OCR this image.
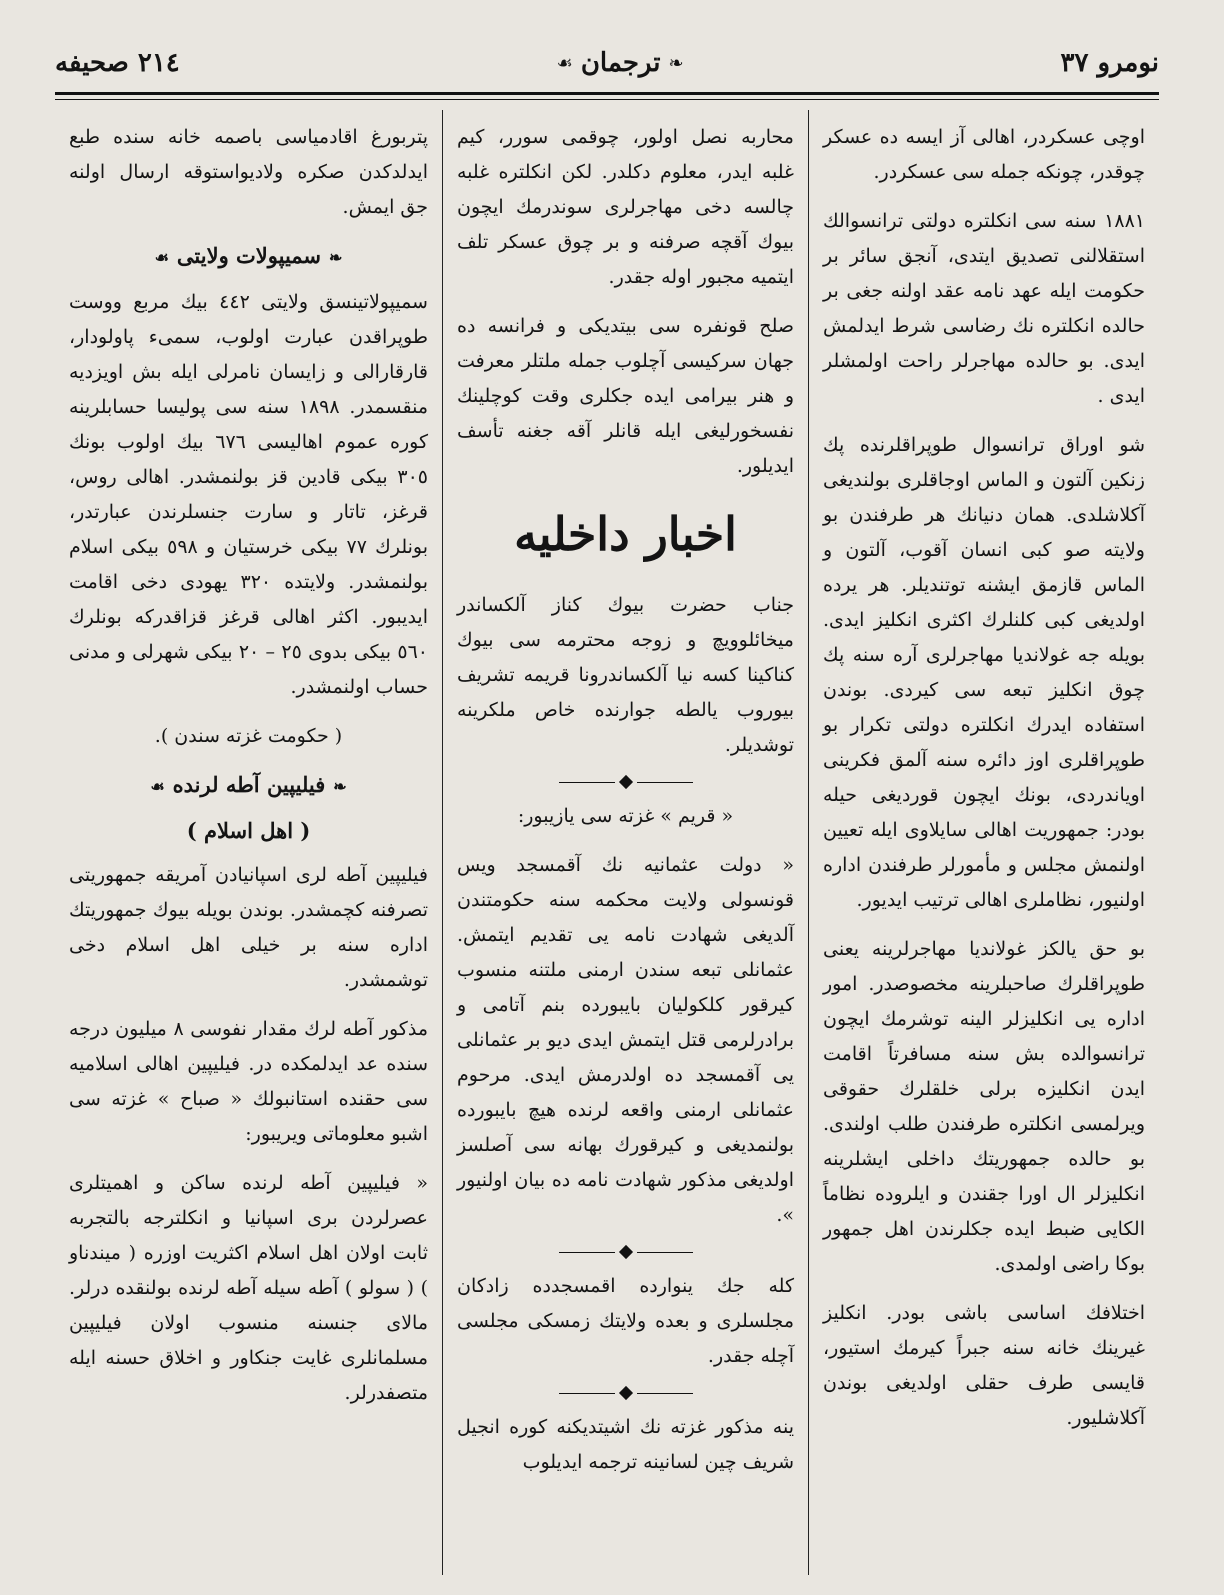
نومرو ٣٧
❧
ترجمان
☙
٢١٤ صحيفه

اوچی عسکردر، اهالی آز ایسه ده عسکر چوقدر، چونکه جمله سی عسکردر.

١٨٨١ سنه سی انکلتره دولتی ترانسوالك استقلالنی تصدیق ایتدی، آنجق سائر بر حکومت ایله عهد نامه عقد اولنه جغی بر حالده انکلتره نك رضاسی شرط ایدلمش ایدی. بو حالده مهاجرلر راحت اولمشلر ایدی .

شو اوراق ترانسوال طوپراقلرنده پك زنکین آلتون و الماس اوجاقلری بولندیغی آکلاشلدی. همان دنیانك هر طرفندن بو ولایته صو کبی انسان آقوب، آلتون و الماس قازمق ایشنه توتندیلر. هر یرده اولدیغی کبی کلنلرك اکثری انکلیز ایدی. بویله جه غولاندیا مهاجرلری آره سنه پك چوق انکلیز تبعه سی کیردی. بوندن استفاده ایدرك انکلتره دولتی تکرار بو طوپراقلری اوز دائره سنه آلمق فکرینی اویاندردی، بونك ایچون قوردیغی حیله بودر: جمهوریت اهالی سایلاوی ایله تعیین اولنمش مجلس و مأمورلر طرفندن اداره اولنیور، نظاملری اهالی ترتیب ایدیور.

بو حق یالکز غولاندیا مهاجرلرینه یعنی طوپراقلرك صاحبلرینه مخصوصدر. امور اداره یی انکلیزلر الینه توشرمك ایچون ترانسوالده بش سنه مسافرتاً اقامت ایدن انکلیزه برلی خلقلرك حقوقی ویرلمسی انکلتره طرفندن طلب اولندی. بو حالده جمهوریتك داخلی ایشلرینه انکلیزلر ال اورا جقندن و ایلروده نظاماً الکایی ضبط ایده جکلرندن اهل جمهور بوکا راضی اولمدی.

اختلافك اساسی باشی بودر. انکلیز غیرینك خانه سنه جبراً کیرمك استیور، قایسی طرف حقلی اولدیغی بوندن آکلاشلیور.

محاربه نصل اولور، چوقمی سورر، کیم غلبه ایدر، معلوم دکلدر. لکن انکلتره غلبه چالسه دخی مهاجرلری سوندرمك ایچون بیوك آقچه صرفنه و بر چوق عسکر تلف ایتمیه مجبور اوله جقدر.

صلح قونفره سی بیتدیکی و فرانسه ده جهان سرکیسی آچلوب جمله ملتلر معرفت و هنر بیرامی ایده جکلری وقت کوچلینك نفسخورلیغی ایله قانلر آقه جغنه تأسف ایدیلور.

اخبار داخلیه

جناب حضرت بیوك کناز آلکساندر میخائلوویچ و زوجه محترمه سی بیوك کناکینا کسه نیا آلکساندرونا قریمه تشریف بیوروب یالطه جوارنده خاص ملکرینه توشدیلر.

« قریم » غزته سی یازیبور:

« دولت عثمانیه نك آقمسجد ویس قونسولی ولایت محکمه سنه حکومتندن آلدیغی شهادت نامه یی تقدیم ایتمش. عثمانلی تبعه سندن ارمنی ملتنه منسوب کیرقور کلکولیان بایبورده بنم آتامی و برادرلرمی قتل ایتمش ایدی دیو بر عثمانلی یی آقمسجد ده اولدرمش ایدی. مرحوم عثمانلی ارمنی واقعه لرنده هیچ بایبورده بولنمدیغی و کیرقورك بهانه سی آصلسز اولدیغی مذکور شهادت نامه ده بیان اولنیور ».

کله جك ینوارده اقمسجدده زادکان مجلسلری و بعده ولایتك زمسکی مجلسی آچله جقدر.

ینه مذکور غزته نك اشیتدیکنه کوره انجیل شریف چین لسانینه ترجمه ایدیلوب

پتربورغ اقادمیاسی باصمه خانه سنده طبع ایدلدکدن صکره ولادیواستوقه ارسال اولنه جق ایمش.

❧سمیپولات ولایتی☙

سمیپولاتینسق ولایتی ٤٤٢ بیك مربع ووست طوپراقدن عبارت اولوب، سمیء پاولودار، قارقارالی و زایسان نامرلی ایله بش اویزدیه منقسمدر. ١٨٩٨ سنه سی پولیسا حسابلرینه کوره عموم اهالیسی ٦٧٦ بیك اولوب بونك ٣٠٥ بیکی قادین قز بولنمشدر. اهالی روس، قرغز، تاتار و سارت جنسلرندن عبارتدر، بونلرك ٧٧ بیکی خرستیان و ٥٩٨ بیکی اسلام بولنمشدر. ولایتده ٣٢٠ یهودی دخی اقامت ایدیبور. اکثر اهالی قرغز قزاقدرکه بونلرك ٥٦٠ بیکی بدوی ٢٥ – ٢٠ بیکی شهرلی و مدنی حساب اولنمشدر.

( حکومت غزته سندن ).

❧فیلیپین آطه لرنده☙
( اهل اسلام )

فیلیپین آطه لری اسپانیادن آمریقه جمهوریتی تصرفنه کچمشدر. بوندن بویله بیوك جمهوریتك اداره سنه بر خیلی اهل اسلام دخی توشمشدر.

مذکور آطه لرك مقدار نفوسی ٨ میلیون درجه سنده عد ایدلمکده در. فیلیپین اهالی اسلامیه سی حقنده استانبولك « صباح » غزته سی اشبو معلوماتی ویریبور:

« فیلیپین آطه لرنده ساکن و اهمیتلری عصرلردن بری اسپانیا و انکلترجه بالتجربه ثابت اولان اهل اسلام اکثریت اوزره ( میندناو ) ( سولو ) آطه سیله آطه لرنده بولنقده درلر. مالای جنسنه منسوب اولان فیلیپین مسلمانلری غایت جنکاور و اخلاق حسنه ایله متصفدرلر.
